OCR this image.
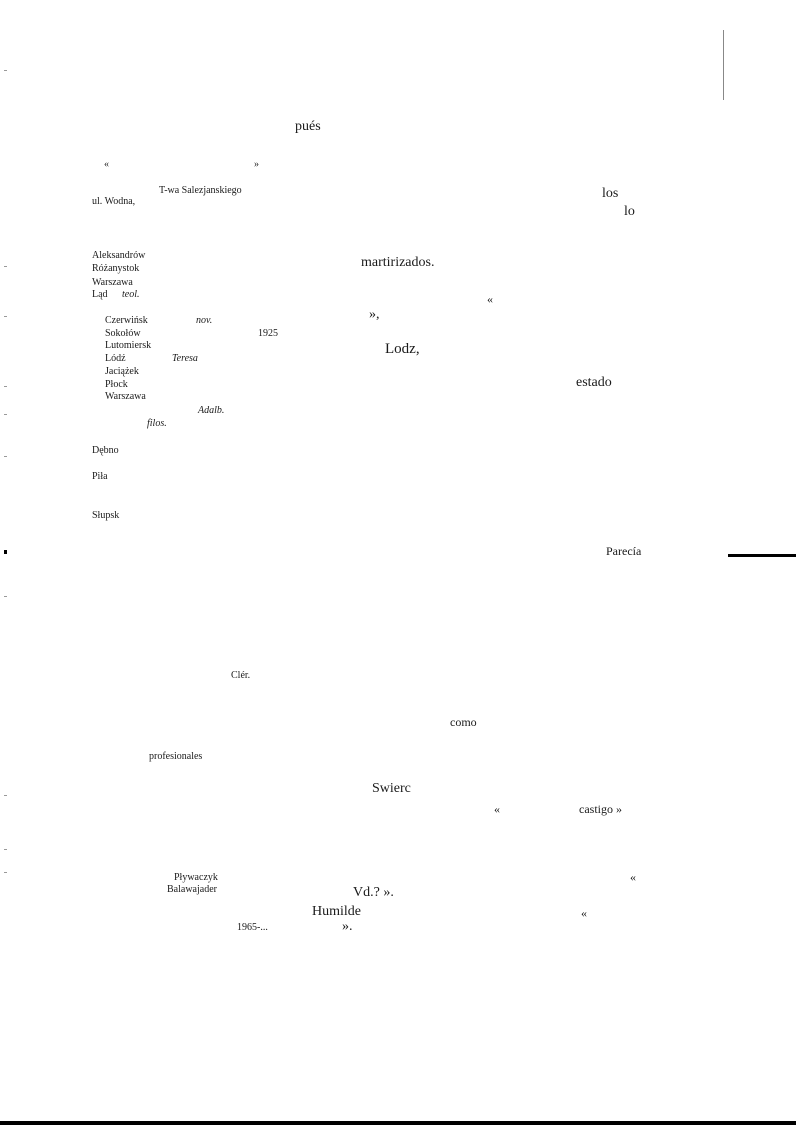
pués
«	»
T-wa Salezjanskiego
ul. Wodna,
los
lo
Aleksandrów
Różanystok
Warszawa
Ląd teol.
martirizados.
«
»,
Czerwińsk	nov.
Sokołów	1925
Lutomiersk	Lodz,
Lódź	Teresa
Jaciążek
Płock	estado
Warszawa
Adalb.
filos.
Dębno
Piła
Słupsk
Parecía
Clér.
como
profesionales
Swierc
«	castigo »
«
Pływaczyk
Balawajader	Vd.? ».
Humilde	«
1965-...	».
